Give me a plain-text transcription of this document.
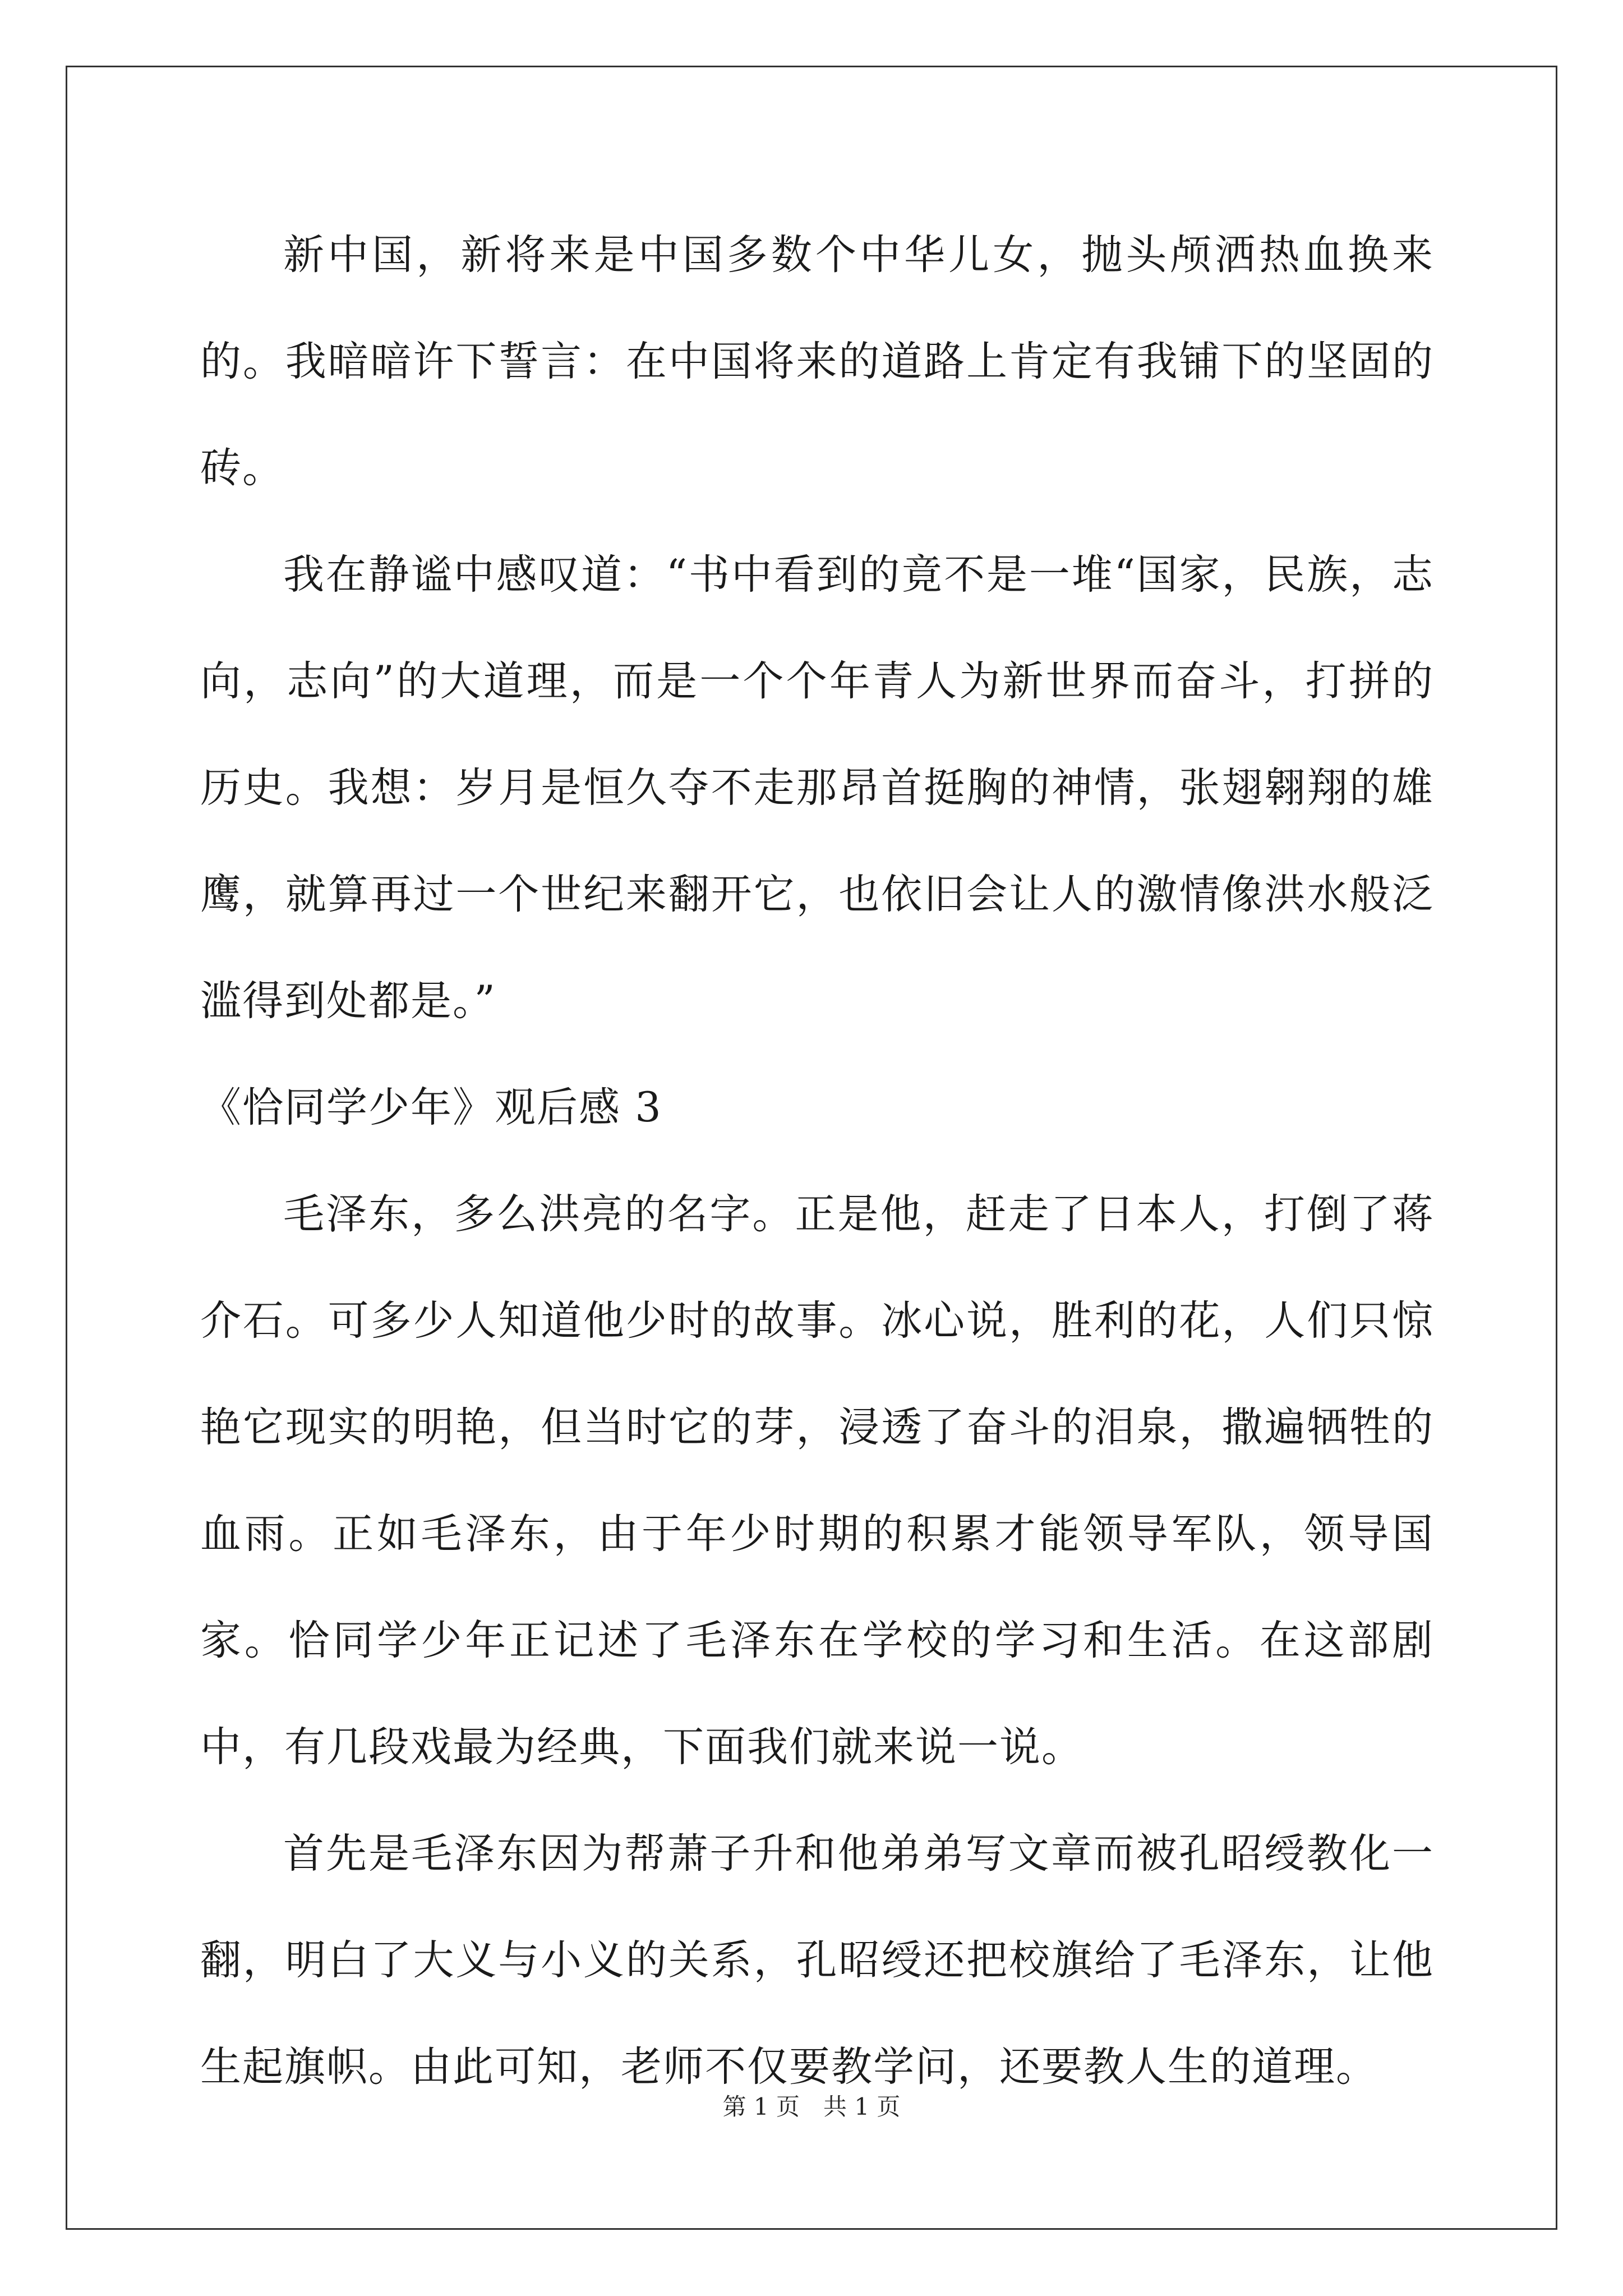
新中国，新将来是中国多数个中华儿女，抛头颅洒热血换来的。我暗暗许下誓言：在中国将来的道路上肯定有我铺下的坚固的砖。

我在静谧中感叹道：“书中看到的竟不是一堆“国家，民族，志向，志向”的大道理，而是一个个年青人为新世界而奋斗，打拼的历史。我想：岁月是恒久夺不走那昂首挺胸的神情，张翅翱翔的雄鹰，就算再过一个世纪来翻开它，也依旧会让人的激情像洪水般泛滥得到处都是。”

《恰同学少年》观后感 3

毛泽东，多么洪亮的名字。正是他，赶走了日本人，打倒了蒋介石。可多少人知道他少时的故事。冰心说，胜利的花，人们只惊艳它现实的明艳，但当时它的芽，浸透了奋斗的泪泉，撒遍牺牲的血雨。正如毛泽东，由于年少时期的积累才能领导军队，领导国家。恰同学少年正记述了毛泽东在学校的学习和生活。在这部剧中，有几段戏最为经典，下面我们就来说一说。

首先是毛泽东因为帮萧子升和他弟弟写文章而被孔昭绶教化一翻，明白了大义与小义的关系，孔昭绶还把校旗给了毛泽东，让他生起旗帜。由此可知，老师不仅要教学问，还要教人生的道理。

第 1 页　共 1 页
